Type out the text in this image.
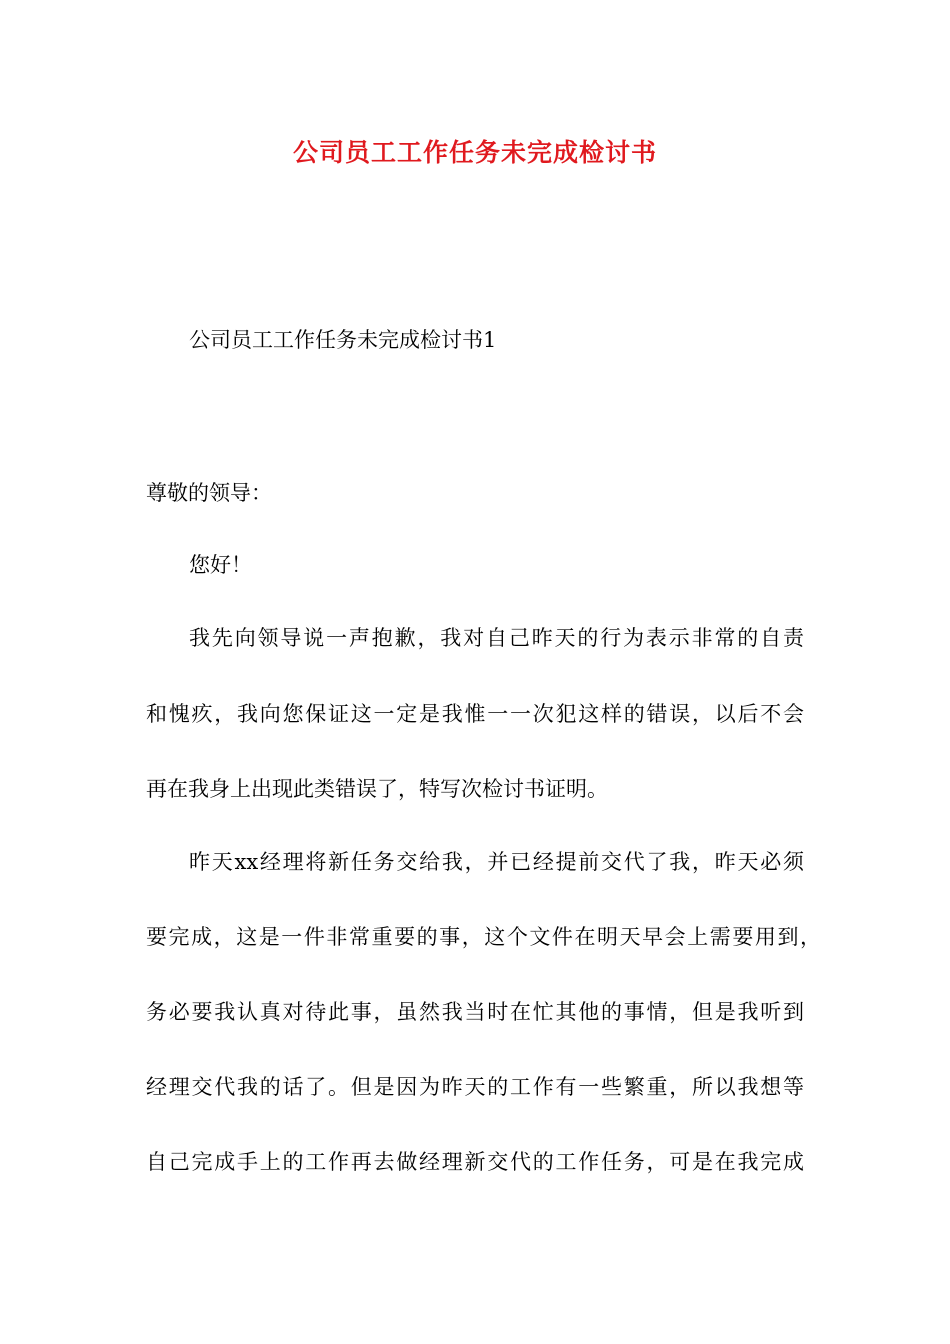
公司员工工作任务未完成检讨书
公司员工工作任务未完成检讨书1
尊敬的领导：
您好！
我先向领导说一声抱歉，我对自己昨天的行为表示非常的自责
和愧疚，我向您保证这一定是我惟一一次犯这样的错误，以后不会
再在我身上出现此类错误了，特写次检讨书证明。
昨天xx经理将新任务交给我，并已经提前交代了我，昨天必须
要完成，这是一件非常重要的事，这个文件在明天早会上需要用到，
务必要我认真对待此事，虽然我当时在忙其他的事情，但是我听到
经理交代我的话了。但是因为昨天的工作有一些繁重，所以我想等
自己完成手上的工作再去做经理新交代的工作任务，可是在我完成
